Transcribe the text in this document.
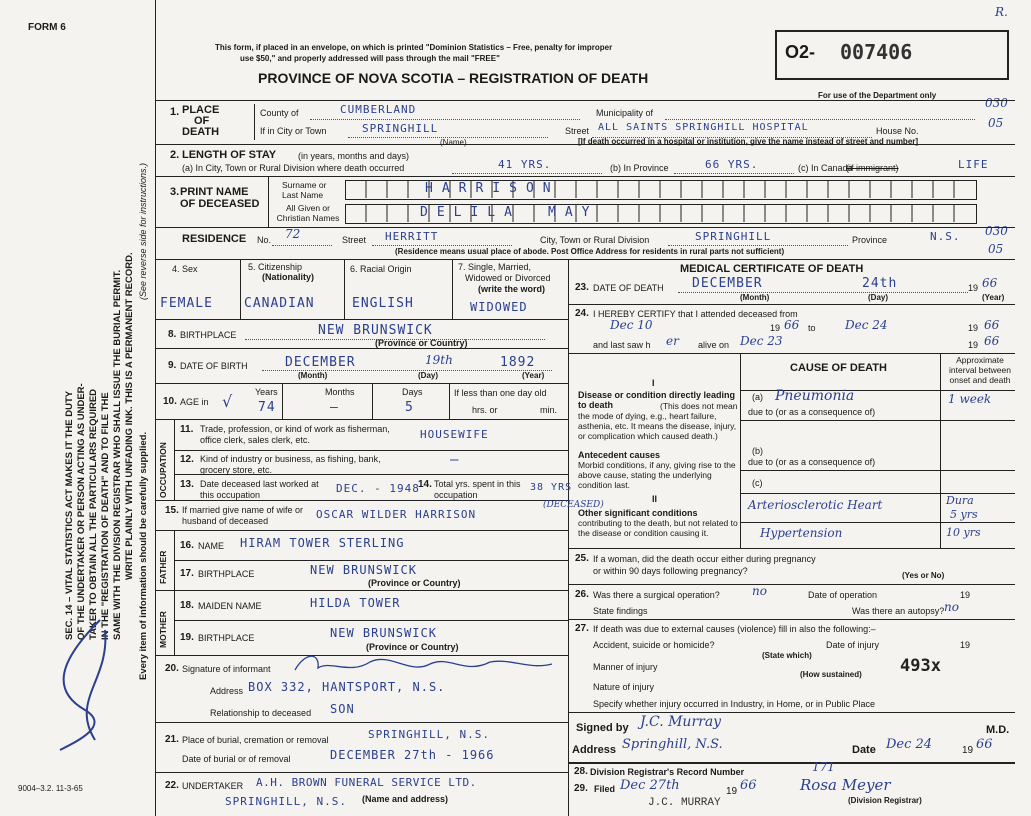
FORM 6
This form, if placed in an envelope, on which is printed "Dominion Statistics – Free, penalty for improper
use $50," and properly addressed will pass through the mail "FREE"
PROVINCE OF NOVA SCOTIA – REGISTRATION OF DEATH
O2- 007406
R.
For use of the Department only
030
05
030
05
SEC. 14 – VITAL STATISTICS ACT MAKES IT THE DUTY OF THE UNDERTAKER OR PERSON ACTING AS UNDER- TAKER TO OBTAIN ALL THE PARTICULARS REQUIRED IN THE "REGISTRATION OF DEATH" AND TO FILE THE SAME WITH THE DIVISION REGISTRAR WHO SHALL ISSUE THE BURIAL PERMIT. WRITE PLAINLY WITH UNFADING INK. THIS IS A PERMANENT RECORD.
(See reverse side for instructions.)
Every item of information should be carefully supplied.
1. PLACE
OF
DEATH
County of	CUMBERLAND	Municipality of
If in City or Town	SPRINGHILL
(Name)
Street ALL SAINTS SPRINGHILL HOSPITAL	House No.
[If death occurred in a hospital or institution, give the name instead of street and number]
2. LENGTH OF STAY (in years, months and days)
(a) In City, Town or Rural Division where death occurred	41 YRS.	(b) In Province	66 YRS.	(c) In Canada
(if immigrant)	LIFE
3. PRINT NAME
OF DECEASED
Surname or Last Name
All Given or Christian Names
HARRISON
DELILA MAY
RESIDENCE No. 72	Street HERRITT	City, Town or Rural Division	SPRINGHILL	Province	N.S.
(Residence means usual place of abode. Post Office Address for residents in rural parts not sufficient)
4. Sex
FEMALE
5. Citizenship
(Nationality)
CANADIAN
6. Racial Origin
ENGLISH
7. Single, Married,
Widowed or Divorced
(write the word)
WIDOWED
8. BIRTHPLACE	NEW BRUNSWICK
(Province or Country)
9. DATE OF BIRTH	DECEMBER	19th	1892
(Month)	(Day)	(Year)
10. AGE in √	Years
74
Months
–
Days
5
If less than one day old
hrs. or	min.
OCCUPATION
11. Trade, profession, or kind of work as fisherman, office clerk, sales clerk, etc.	HOUSEWIFE
12. Kind of industry or business, as fishing, bank, grocery store, etc.
–
13. Date deceased last worked at this occupation	DEC. - 1948
14. Total yrs. spent in this occupation
38 YRS
15. If married give name of wife or husband of deceased	OSCAR WILDER HARRISON
(DECEASED)
FATHER
16. NAME HIRAM TOWER STERLING
17. BIRTHPLACE	NEW BRUNSWICK
(Province or Country)
MOTHER
18. MAIDEN NAME	HILDA TOWER
19. BIRTHPLACE	NEW BRUNSWICK
(Province or Country)
20. Signature of informant
Address BOX 332, HANTSPORT, N.S.
Relationship to deceased SON
21. Place of burial, cremation or removal	SPRINGHILL, N.S.
Date of burial or of removal	DECEMBER 27th - 1966
22. UNDERTAKER A.H. BROWN FUNERAL SERVICE LTD.
SPRINGHILL, N.S. (Name and address)
MEDICAL CERTIFICATE OF DEATH
23. DATE OF DEATH DECEMBER	24th	19 66
(Month)	(Day)	(Year)
24. I HEREBY CERTIFY that I attended deceased from
Dec 10	19 66 to Dec 24	19 66
and last saw h er alive on Dec 23	19 66
CAUSE OF DEATH
Approximate interval between onset and death
I
Disease or condition directly leading to death	(This does not mean the mode of dying, e.g., heart failure, asthenia, etc. It means the disease, injury, or complication which caused death.)
(a) Pneumonia	1 week
due to (or as a consequence of)
Antecedent causes
Morbid conditions, if any, giving rise to the above cause, stating the underlying condition last.
(b)
due to (or as a consequence of)
(c)
II
Other significant conditions
contributing to the death, but not related to the disease or condition causing it.
Arteriosclerotic Heart	Dura
5 yrs
Hypertension	10 yrs
25. If a woman, did the death occur either during pregnancy or within 90 days following pregnancy?	(Yes or No)
26. Was there a surgical operation?	no	Date of operation	19
State findings	Was there an autopsy? no
27. If death was due to external causes (violence) fill in also the following:–
Accident, suicide or homicide?	Date of injury	19
(State which)
Manner of injury
(How sustained) 493x
Nature of injury
Specify whether injury occurred in Industry, in Home, or in Public Place
Signed by J.C. Murray	M.D.
Address Springhill, N.S.	Date Dec 24	19 66
28. Division Registrar's Record Number	171
29. Filed Dec 27th	19 66	Rosa Meyer
(Division Registrar)
J.C. MURRAY
9004–3.2. 11-3-65
